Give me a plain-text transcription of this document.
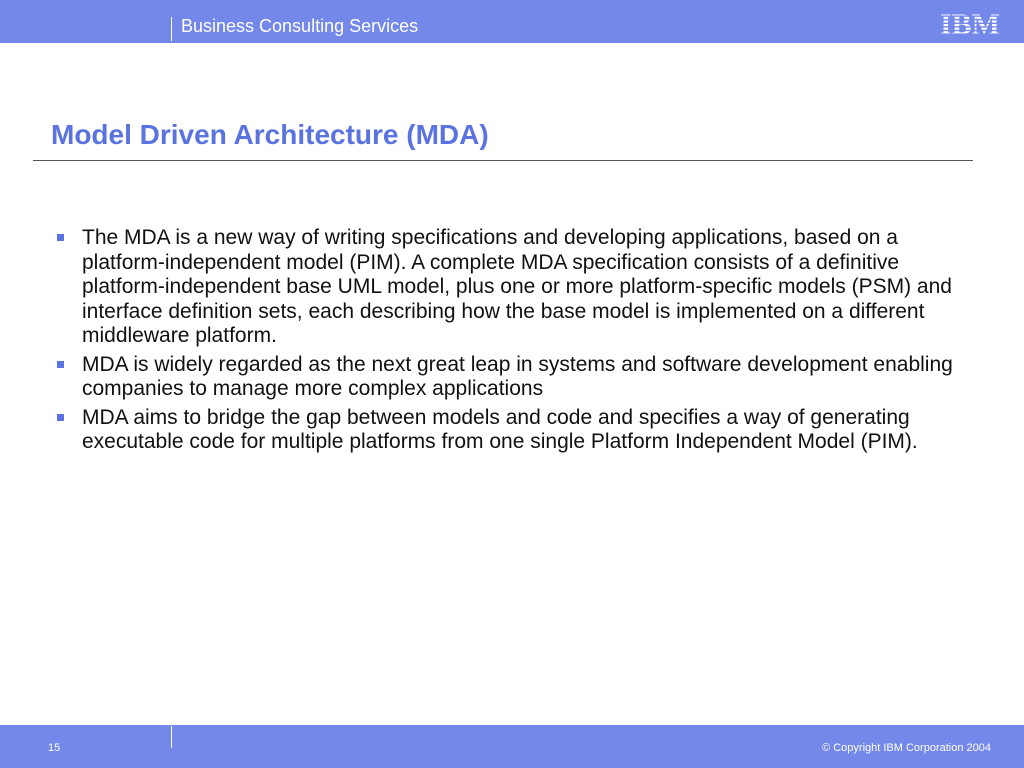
Business Consulting Services	IBM
Model Driven Architecture (MDA)
The MDA is a new way of writing specifications and developing applications, based on a platform-independent model (PIM). A complete MDA specification consists of a definitive platform-independent base UML model, plus one or more platform-specific models (PSM) and interface definition sets, each describing how the base model is implemented on a different middleware platform.
MDA is widely regarded as the next great leap in systems and software development enabling companies to manage more complex applications
MDA aims to bridge the gap between models and code and specifies a way of generating executable code for multiple platforms from one single Platform Independent Model (PIM).
15	© Copyright IBM Corporation 2004
